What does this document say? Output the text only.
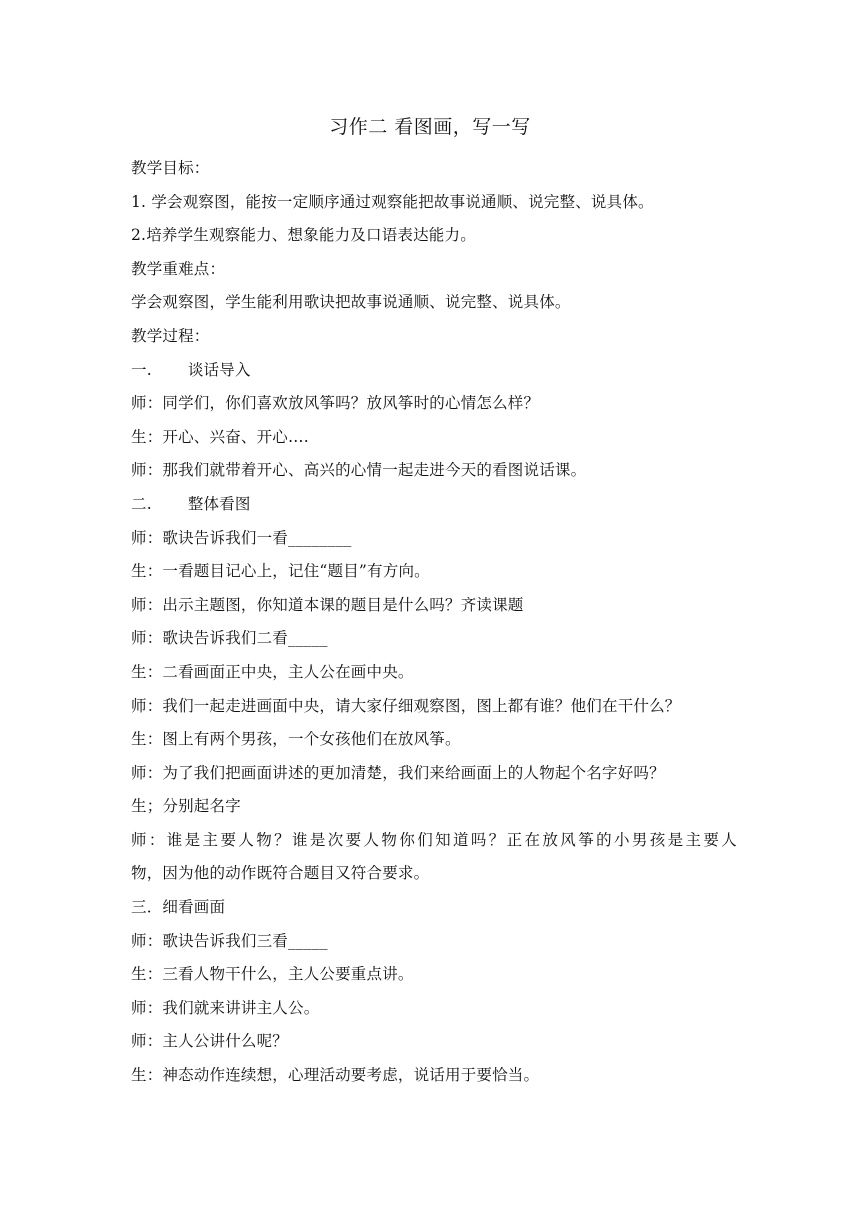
习作二 看图画，写一写
教学目标：
1. 学会观察图，能按一定顺序通过观察能把故事说通顺、说完整、说具体。
2.培养学生观察能力、想象能力及口语表达能力。
教学重难点：
学会观察图，学生能利用歌诀把故事说通顺、说完整、说具体。
教学过程：
一. 谈话导入
师：同学们，你们喜欢放风筝吗？放风筝时的心情怎么样？
生：开心、兴奋、开心….
师：那我们就带着开心、高兴的心情一起走进今天的看图说话课。
二. 整体看图
师：歌诀告诉我们一看________
生：一看题目记心上，记住“题目”有方向。
师：出示主题图，你知道本课的题目是什么吗？齐读课题
师：歌诀告诉我们二看_____
生：二看画面正中央，主人公在画中央。
师：我们一起走进画面中央，请大家仔细观察图，图上都有谁？他们在干什么？
生：图上有两个男孩，一个女孩他们在放风筝。
师：为了我们把画面讲述的更加清楚，我们来给画面上的人物起个名字好吗？
生；分别起名字
师：谁是主要人物？谁是次要人物你们知道吗？正在放风筝的小男孩是主要人
物，因为他的动作既符合题目又符合要求。
三．细看画面
师：歌诀告诉我们三看_____
生：三看人物干什么，主人公要重点讲。
师：我们就来讲讲主人公。
师：主人公讲什么呢？
生：神态动作连续想，心理活动要考虑，说话用于要恰当。
